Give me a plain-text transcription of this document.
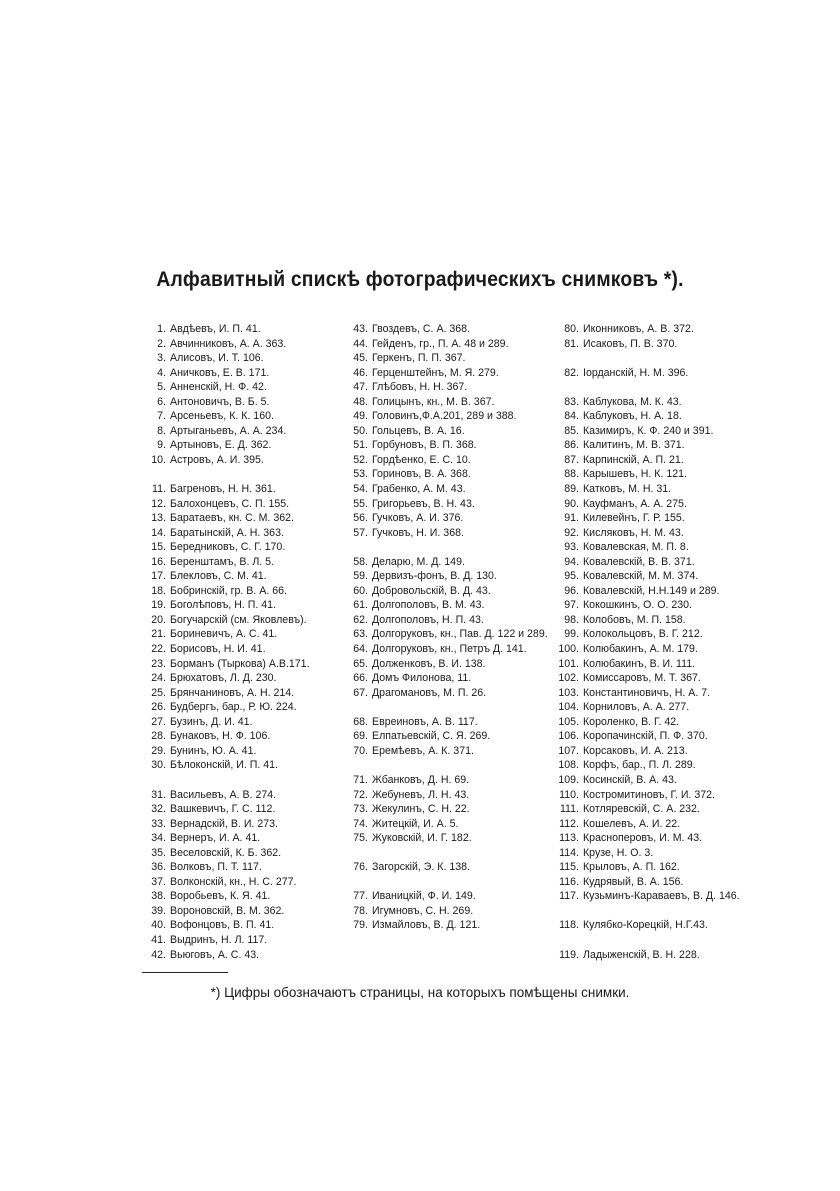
Алфавитный спискѣ фотографическихъ снимковъ *).
1. Авдѣевъ, И. П. 41.
2. Авчинниковъ, А. А. 363.
3. Алисовъ, И. Т. 106.
4. Аничковъ, Е. В. 171.
5. Анненскій, Н. Ф. 42.
6. Антоновичъ, В. Б. 5.
7. Арсеньевъ, К. К. 160.
8. Артыганьевъ, А. А. 234.
9. Артыновъ, Е. Д. 362.
10. Астровъ, А. И. 395.
11. Багреновъ, Н. Н. 361.
12. Балохонцевъ, С. П. 155.
13. Баратаевъ, кн. С. М. 362.
14. Баратынскій, А. Н. 363.
15. Бередниковъ, С. Г. 170.
16. Беренштамъ, В. Л. 5.
17. Блекловъ, С. М. 41.
18. Бобринскій, гр. В. А. 66.
19. Боголѣповъ, Н. П. 41.
20. Богучарскій (см. Яковлевъ).
21. Бориневичъ, А. С. 41.
22. Борисовъ, Н. И. 41.
23. Борманъ (Тыркова) А.В.171.
24. Брюхатовъ, Л. Д. 230.
25. Брянчаниновъ, А. Н. 214.
26. Будбергъ, бар., Р. Ю. 224.
27. Бузинъ, Д. И. 41.
28. Бунаковъ, Н. Ф. 106.
29. Бунинъ, Ю. А. 41.
30. Бѣлоконскій, И. П. 41.
31. Васильевъ, А. В. 274.
32. Вашкевичъ, Г. С. 112.
33. Вернадскій, В. И. 273.
34. Вернеръ, И. А. 41.
35. Веселовскій, К. Б. 362.
36. Волковъ, П. Т. 117.
37. Волконскій, кн., Н. С. 277.
38. Воробьевъ, К. Я. 41.
39. Вороновскій, В. М. 362.
40. Вофонцовъ, В. П. 41.
41. Выдринъ, Н. Л. 117.
42. Вьюговъ, А. С. 43.
43. Гвоздевъ, С. А. 368.
44. Гейденъ, гр., П. А. 48 и 289.
45. Геркенъ, П. П. 367.
46. Герценштейнъ, М. Я. 279.
47. Глѣбовъ, Н. Н. 367.
48. Голицынъ, кн., М. В. 367.
49. Головинъ,Ф.А.201, 289 и 388.
50. Гольцевъ, В. А. 16.
51. Горбуновъ, В. П. 368.
52. Гордѣенко, Е. С. 10.
53. Гориновъ, В. А. 368.
54. Грабенко, А. М. 43.
55. Григорьевъ, В. Н. 43.
56. Гучковъ, А. И. 376.
57. Гучковъ, Н. И. 368.
58. Деларю, М. Д. 149.
59. Дервизъ-фонъ, В. Д. 130.
60. Добровольскій, В. Д. 43.
61. Долгополовъ, В. М. 43.
62. Долгополовъ, Н. П. 43.
63. Долгоруковъ, кн., Пав. Д. 122 и 289.
64. Долгоруковъ, кн., Петръ Д. 141.
65. Долженковъ, В. И. 138.
66. Домъ Филонова, 11.
67. Драгомановъ, М. П. 26.
68. Евреиновъ, А. В. 117.
69. Елпатьевскій, С. Я. 269.
70. Еремѣевъ, А. К. 371.
71. Жбанковъ, Д. Н. 69.
72. Жебуневъ, Л. Н. 43.
73. Жекулинъ, С. Н. 22.
74. Житецкій, И. А. 5.
75. Жуковскій, И. Г. 182.
76. Загорскій, Э. К. 138.
77. Иваницкій, Ф. И. 149.
78. Игумновъ, С. Н. 269.
79. Измайловъ, В. Д. 121.
80. Иконниковъ, А. В. 372.
81. Исаковъ, П. В. 370.
82. Іорданскій, Н. М. 396.
83. Каблукова, М. К. 43.
84. Каблуковъ, Н. А. 18.
85. Казимиръ, К. Ф. 240 и 391.
86. Калитинъ, М. В. 371.
87. Карпинскій, А. П. 21.
88. Карышевъ, Н. К. 121.
89. Катковъ, М. Н. 31.
90. Кауфманъ, А. А. 275.
91. Килевейнъ, Г. Р. 155.
92. Кисляковъ, Н. М. 43.
93. Ковалевская, М. П. 8.
94. Ковалевскій, В. В. 371.
95. Ковалевскій, М. М. 374.
96. Ковалевскій, Н.Н.149 и 289.
97. Кокошкинъ, О. О. 230.
98. Колобовъ, М. П. 158.
99. Колокольцовъ, В. Г. 212.
100. Колюбакинъ, А. М. 179.
101. Колюбакинъ, В. И. 111.
102. Комиссаровъ, М. Т. 367.
103. Константиновичъ, Н. А. 7.
104. Корниловъ, А. А. 277.
105. Короленко, В. Г. 42.
106. Коропачинскій, П. Ф. 370.
107. Корсаковъ, И. А. 213.
108. Корфъ, бар., П. Л. 289.
109. Косинскій, В. А. 43.
110. Костромитиновъ, Г. И. 372.
111. Котляревскій, С. А. 232.
112. Кошелевъ, А. И. 22.
113. Красноперовъ, И. М. 43.
114. Крузе, Н. О. 3.
115. Крыловъ, А. П. 162.
116. Кудрявый, В. А. 156.
117. Кузьминъ-Караваевъ, В. Д. 146.
118. Кулябко-Корецкій, Н.Г.43.
119. Ладыженскій, В. Н. 228.
*) Цифры обозначаютъ страницы, на которыхъ помѣщены снимки.
